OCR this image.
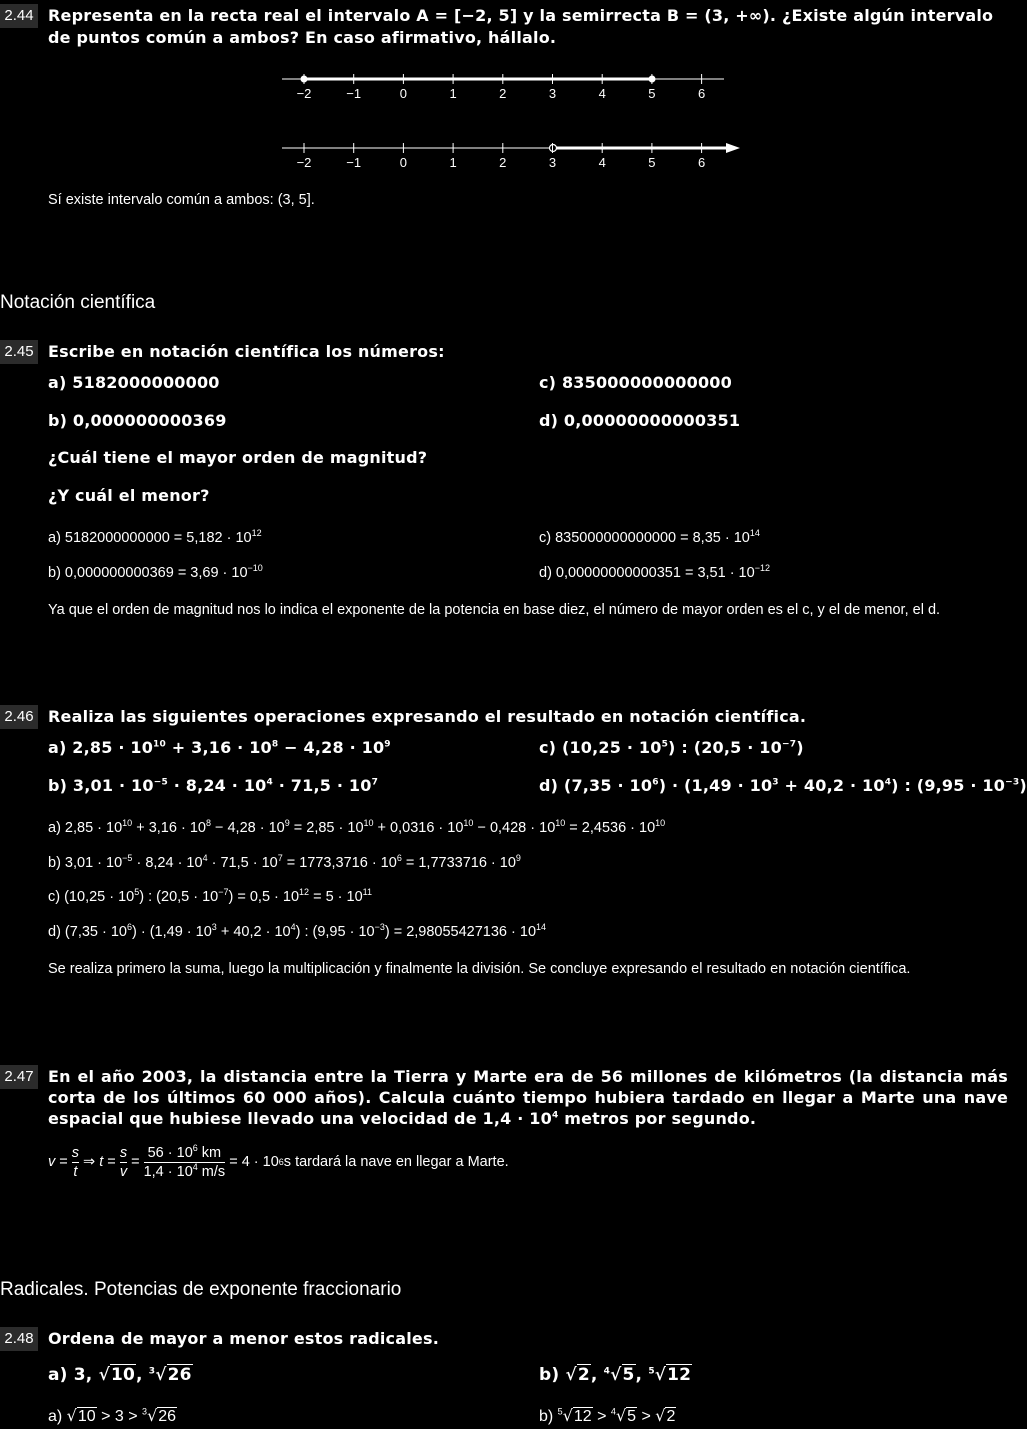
2.44 Representa en la recta real el intervalo A = [−2, 5] y la semirrecta B = (3, +∞). ¿Existe algún intervalo
de puntos común a ambos? En caso afirmativo, hállalo.
−2	−1	0	1	2	3	4	5	6
−2	−1	0	1	2	3	4	5	6
Sí existe intervalo común a ambos: (3, 5].
Notación científica
2.45 Escribe en notación científica los números:
a) 5182000000000	c) 835000000000000
b) 0,000000000369	d) 0,00000000000351
¿Cuál tiene el mayor orden de magnitud?
¿Y cuál el menor?
a) $5182000000000 = 5,182 \cdot 10^{12}$	c) $835000000000000 = 8,35 \cdot 10^{14}$
b) $0,000000000369 = 3,69 \cdot 10^{-10}$	d) $0,00000000000351 = 3,51 \cdot 10^{-12}$
Ya que el orden de magnitud nos lo indica el exponente de la potencia en base diez, el número de mayor orden es el c, y el de menor, el d.
2.46 Realiza las siguientes operaciones expresando el resultado en notación científica.
a) $2,85 \cdot 10^{10} + 3,16 \cdot 10^8 - 4,28 \cdot 10^9$	c) $(10,25 \cdot 10^5)$ : $(20,5 \cdot 10^{-7})$
b) $3,01 \cdot 10^{-5} \cdot 8,24 \cdot 10^4 \cdot 71,5 \cdot 10^7$	d) $(7,35 \cdot 10^6) \cdot (1,49 \cdot 10^3 + 40,2 \cdot 10^4)$ : $(9,95 \cdot 10^{-3})$
a) $2,85 \cdot 10^{10} + 3,16 \cdot 10^8 - 4,28 \cdot 10^9 = 2,85 \cdot 10^{10} + 0,0316 \cdot 10^{10} - 0,428 \cdot 10^{10} = 2,4536 \cdot 10^{10}$
b) $3,01 \cdot 10^{-5} \cdot 8,24 \cdot 10^4 \cdot 71,5 \cdot 10^7 = 1773,3716 \cdot 10^6 = 1,7733716 \cdot 10^9$
c) $(10,25 \cdot 10^5)$ : $(20,5 \cdot 10^{-7}) = 0,5 \cdot 10^{12} = 5 \cdot 10^{11}$
d) $(7,35 \cdot 10^6) \cdot (1,49 \cdot 10^3 + 40,2 \cdot 10^4)$ : $(9,95 \cdot 10^{-3}) = 2,98055427136 \cdot 10^{14}$
Se realiza primero la suma, luego la multiplicación y finalmente la división. Se concluye expresando el resultado en notación científica.
2.47 En el año 2003, la distancia entre la Tierra y Marte era de 56 millones de kilómetros (la distancia más corta de los últimos 60 000 años). Calcula cuánto tiempo hubiera tardado en llegar a Marte una nave espacial que hubiese llevado una velocidad de $1,4 \cdot 10^4$ metros por segundo.
$v = \frac{s}{t}$ ⇒ $t = \frac{s}{v} = \frac{56 \cdot 10^6 km}{1,4 \cdot 10^4 m/s} = 4 \cdot 10$ 6 s tardará la nave en llegar a Marte.
Radicales. Potencias de exponente fraccionario
2.48 Ordena de mayor a menor estos radicales.
a) 3, √10, $^3$√26	b) √2, $^4$√5, $^5$√12
a) √10 > 3 > $^3$√26	b) $^5$√12 > $^4$√5 > √2
